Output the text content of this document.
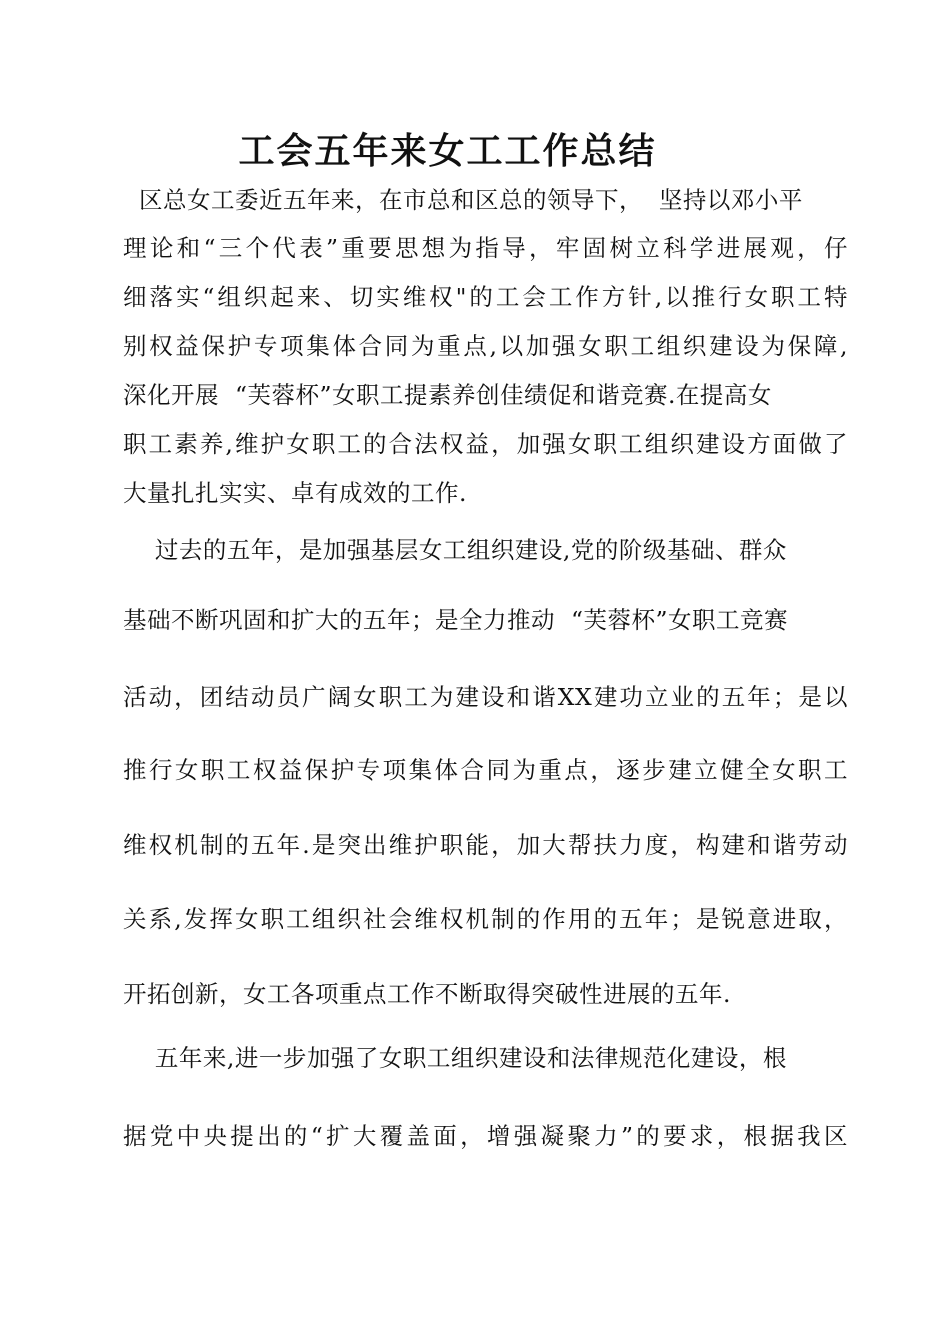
工会五年来女工工作总结
区总女工委近五年来，在市总和区总的领导下，  坚持以邓小平
理论和“三个代表”重要思想为指导，牢固树立科学进展观，仔
细落实“组织起来、切实维权"的工会工作方针,以推行女职工特
别权益保护专项集体合同为重点,以加强女职工组织建设为保障,
深化开展  “芙蓉杯”女职工提素养创佳绩促和谐竞赛.在提高女
职工素养,维护女职工的合法权益，加强女职工组织建设方面做了
大量扎扎实实、卓有成效的工作.
过去的五年，是加强基层女工组织建设,党的阶级基础、群众
基础不断巩固和扩大的五年；是全力推动  “芙蓉杯”女职工竞赛
活动，团结动员广阔女职工为建设和谐XX建功立业的五年；是以
推行女职工权益保护专项集体合同为重点，逐步建立健全女职工
维权机制的五年.是突出维护职能，加大帮扶力度，构建和谐劳动
关系,发挥女职工组织社会维权机制的作用的五年；是锐意进取，
开拓创新，女工各项重点工作不断取得突破性进展的五年.
五年来,进一步加强了女职工组织建设和法律规范化建设，根
据党中央提出的“扩大覆盖面，增强凝聚力”的要求，根据我区
